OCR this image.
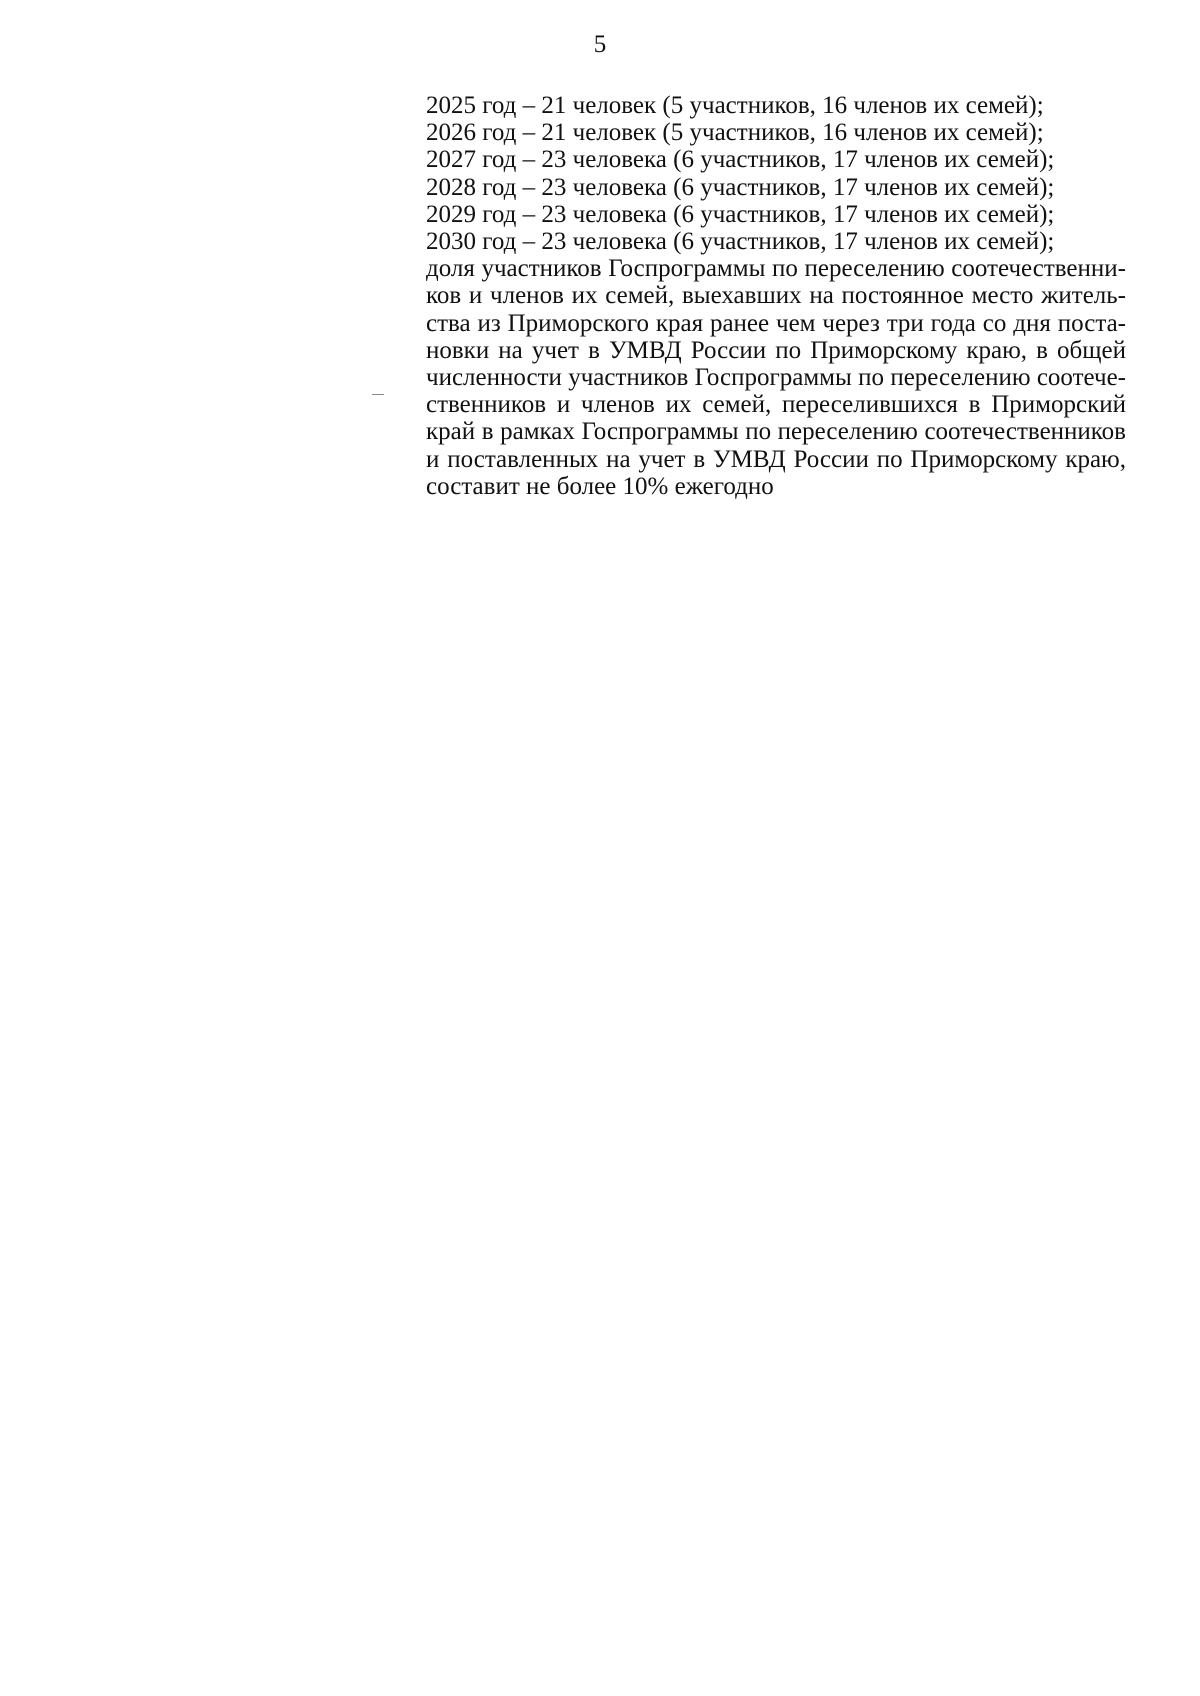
5
2025 год – 21 человек (5 участников, 16 членов их семей);
2026 год – 21 человек (5 участников, 16 членов их семей);
2027 год – 23 человека (6 участников, 17 членов их семей);
2028 год – 23 человека (6 участников, 17 членов их семей);
2029 год – 23 человека (6 участников, 17 членов их семей);
2030 год – 23 человека (6 участников, 17 членов их семей);
доля участников Госпрограммы по переселению соотечественников и членов их семей, выехавших на постоянное место жительства из Приморского края ранее чем через три года со дня постановки на учет в УМВД России по Приморскому краю, в общей численности участников Госпрограммы по переселению соотечественников и членов их семей, переселившихся в Приморский край в рамках Госпрограммы по переселению соотечественников и поставленных на учет в УМВД России по Приморскому краю, составит не более 10% ежегодно
